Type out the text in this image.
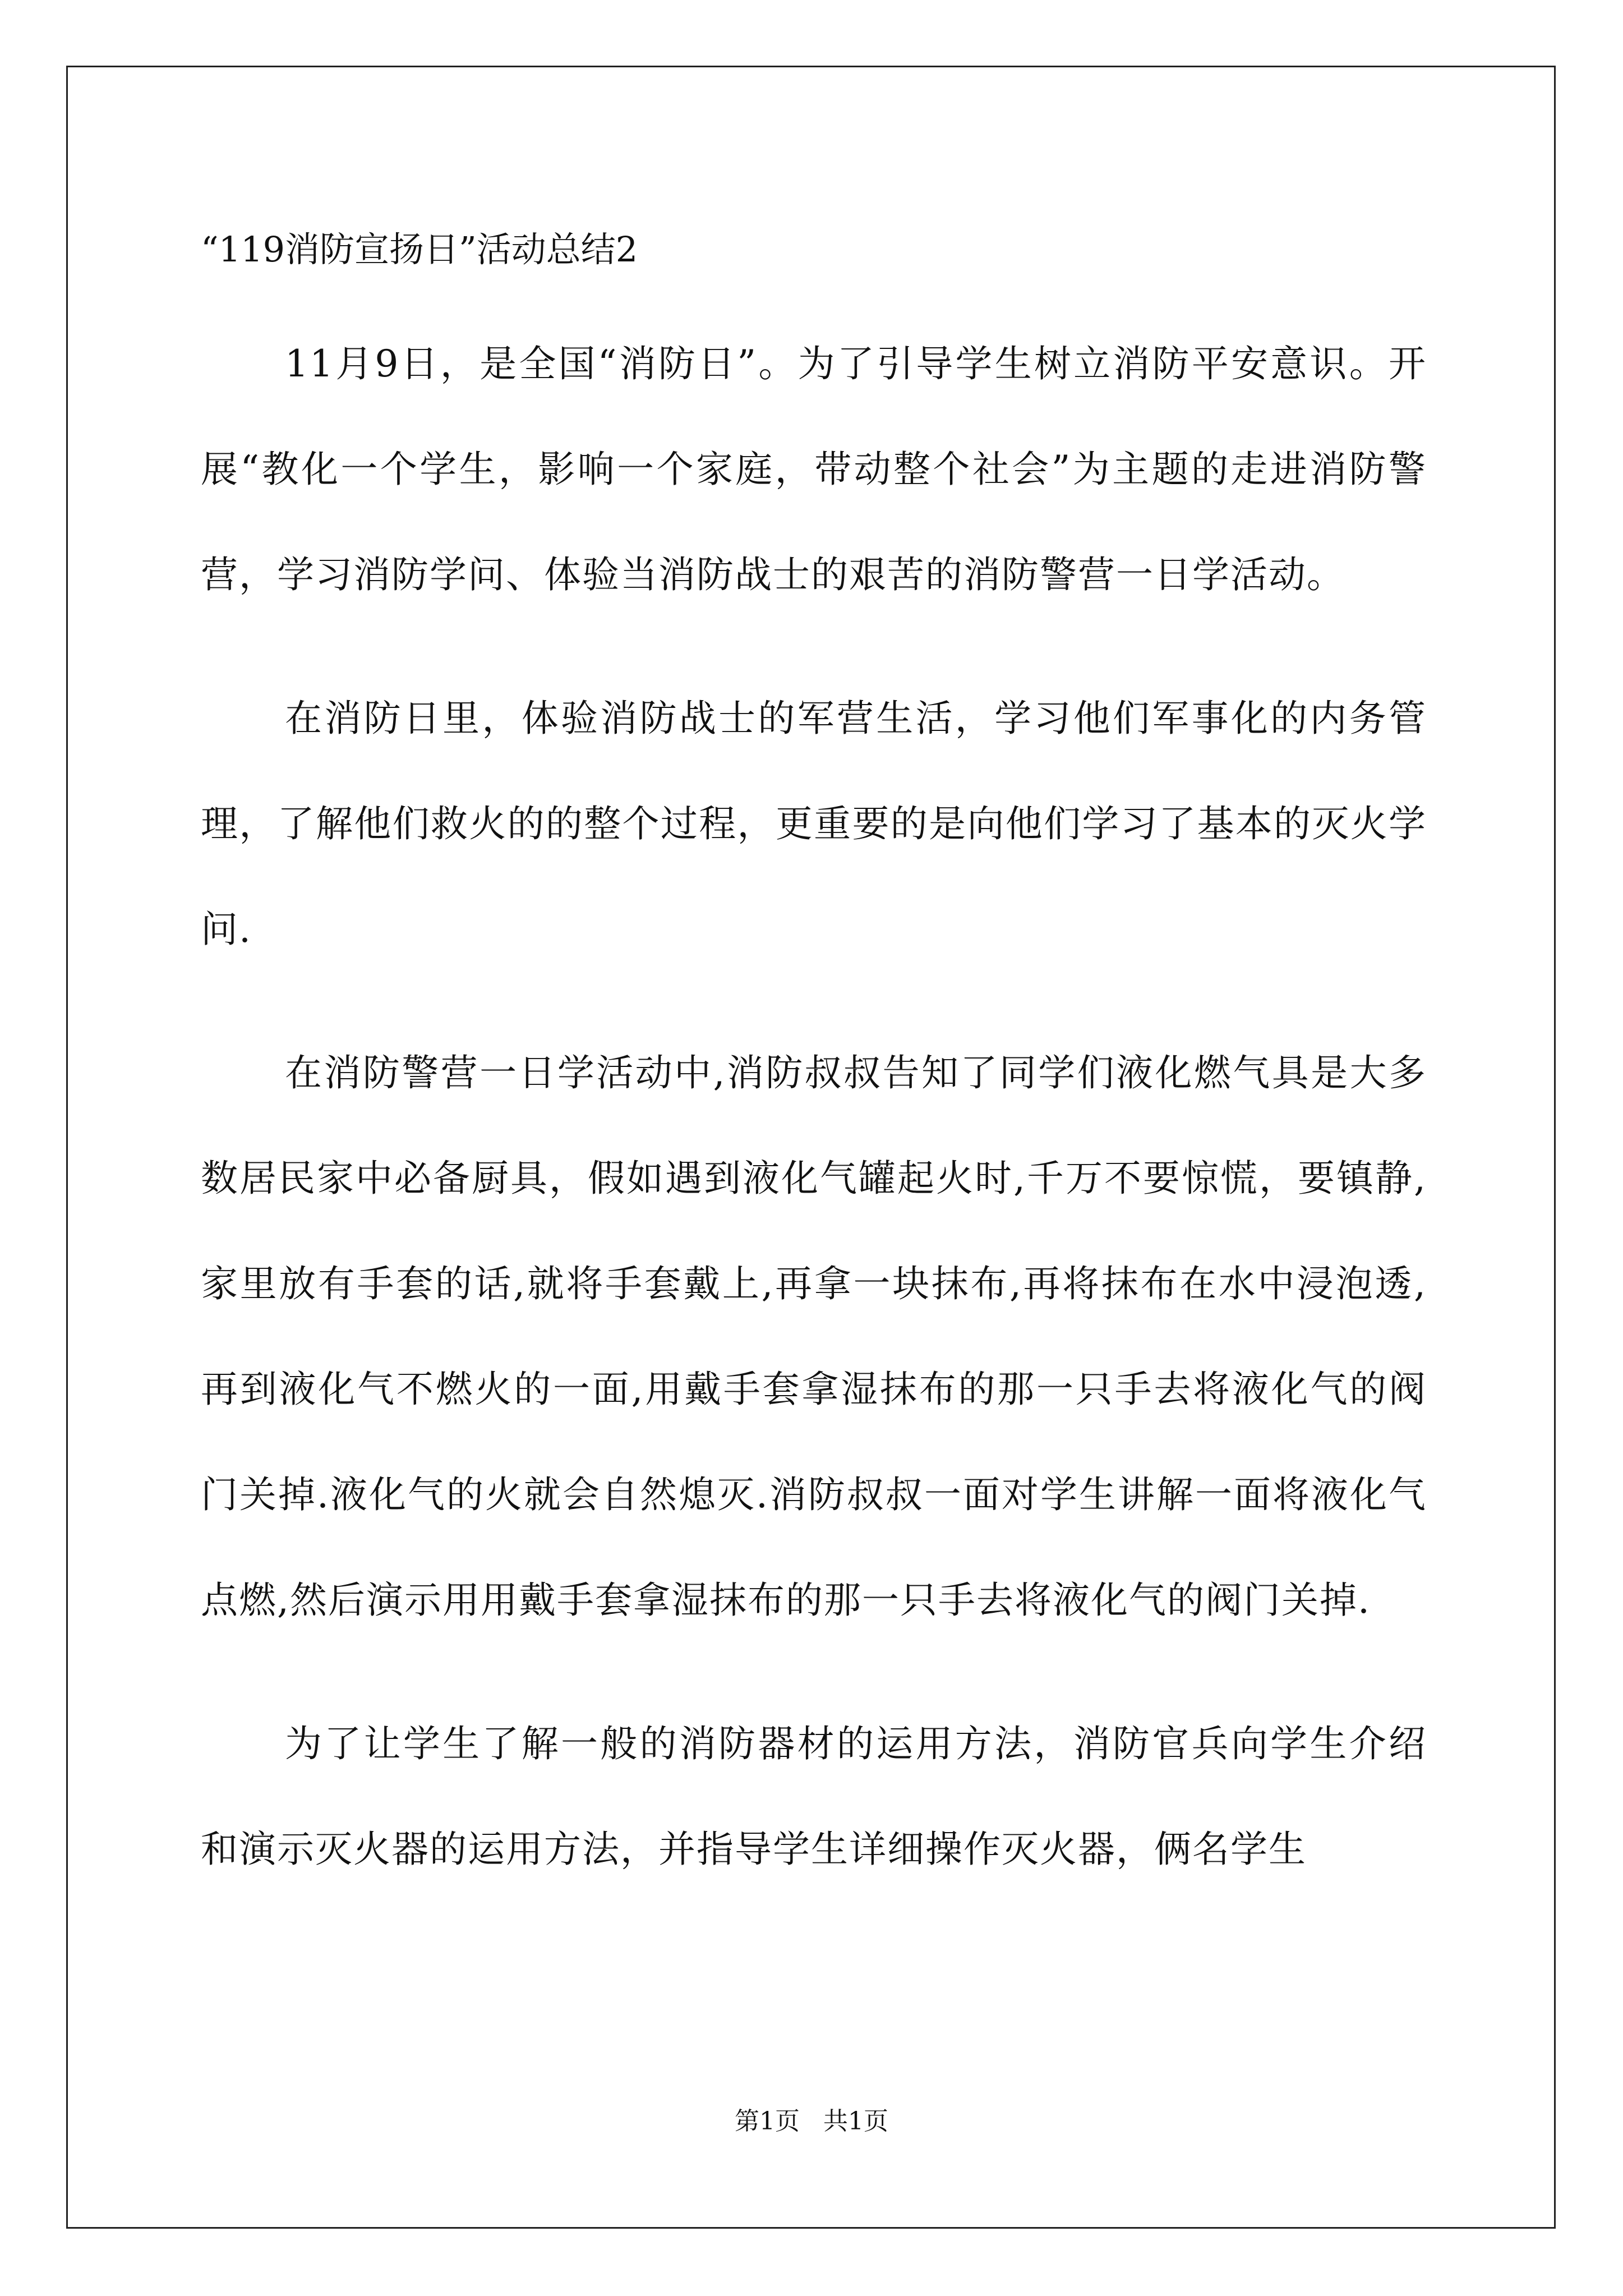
“119消防宣扬日”活动总结2

11月9日，是全国“消防日”。为了引导学生树立消防平安意识。开展“教化一个学生，影响一个家庭，带动整个社会”为主题的走进消防警营，学习消防学问、体验当消防战士的艰苦的消防警营一日学活动。

在消防日里，体验消防战士的军营生活，学习他们军事化的内务管理，了解他们救火的的整个过程，更重要的是向他们学习了基本的灭火学问.

在消防警营一日学活动中,消防叔叔告知了同学们液化燃气具是大多数居民家中必备厨具，假如遇到液化气罐起火时,千万不要惊慌，要镇静,家里放有手套的话,就将手套戴上,再拿一块抹布,再将抹布在水中浸泡透,再到液化气不燃火的一面,用戴手套拿湿抹布的那一只手去将液化气的阀门关掉.液化气的火就会自然熄灭.消防叔叔一面对学生讲解一面将液化气点燃,然后演示用用戴手套拿湿抹布的那一只手去将液化气的阀门关掉.

为了让学生了解一般的消防器材的运用方法，消防官兵向学生介绍和演示灭火器的运用方法，并指导学生详细操作灭火器，俩名学生

第1页   共1页
